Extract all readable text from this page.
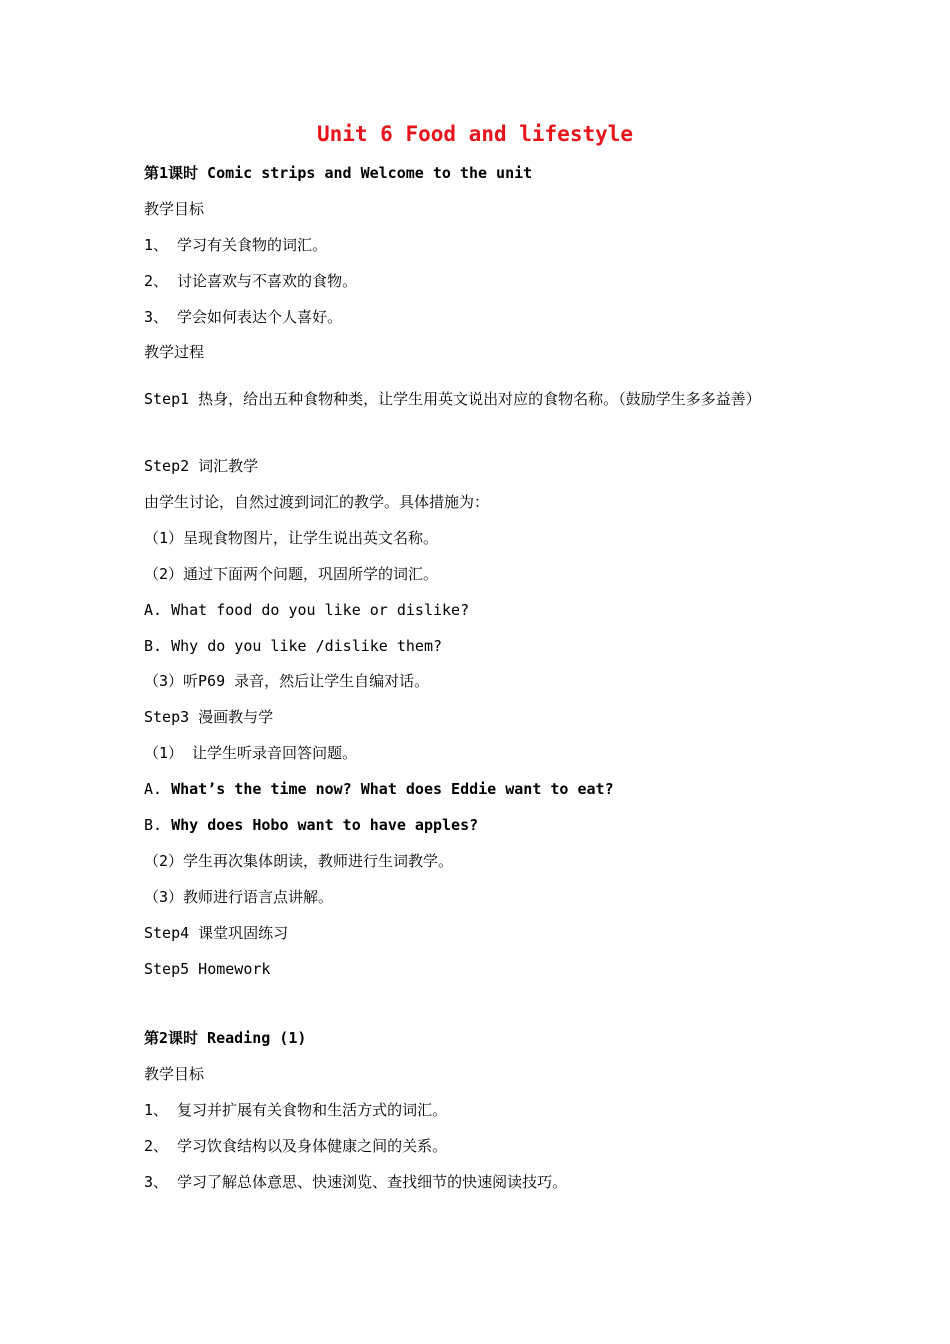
Unit 6 Food and lifestyle
第1课时 Comic strips and Welcome to the unit
教学目标
1、 学习有关食物的词汇。
2、 讨论喜欢与不喜欢的食物。
3、 学会如何表达个人喜好。
教学过程
Step1 热身，给出五种食物种类，让学生用英文说出对应的食物名称。（鼓励学生多多益善）
Step2 词汇教学
由学生讨论，自然过渡到词汇的教学。具体措施为：
（1）呈现食物图片，让学生说出英文名称。
（2）通过下面两个问题，巩固所学的词汇。
A. What food do you like or dislike?
B. Why do you like /dislike them?
（3）听P69 录音，然后让学生自编对话。
Step3 漫画教与学
（1） 让学生听录音回答问题。
A. What’s the time now? What does Eddie want to eat?
B. Why does Hobo want to have apples?
（2）学生再次集体朗读，教师进行生词教学。
（3）教师进行语言点讲解。
Step4 课堂巩固练习
Step5 Homework
第2课时 Reading (1)
教学目标
1、 复习并扩展有关食物和生活方式的词汇。
2、 学习饮食结构以及身体健康之间的关系。
3、 学习了解总体意思、快速浏览、查找细节的快速阅读技巧。
